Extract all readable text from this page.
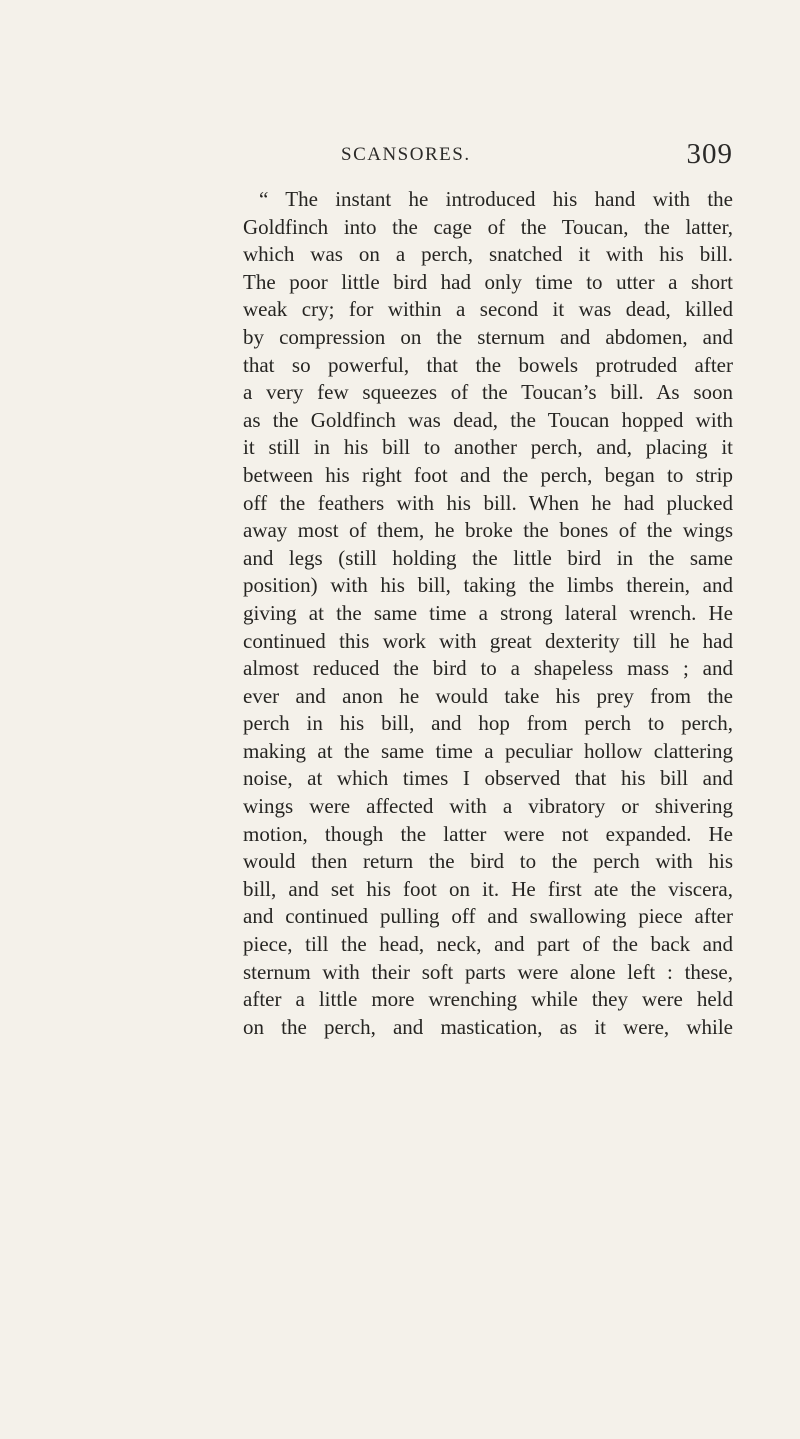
SCANSORES.	309
“ The instant he introduced his hand with the
Goldfinch into the cage of the Toucan, the latter,
which was on a perch, snatched it with his bill.
The poor little bird had only time to utter a short
weak cry; for within a second it was dead, killed
by compression on the sternum and abdomen, and
that so powerful, that the bowels protruded after
a very few squeezes of the Toucan’s bill. As soon
as the Goldfinch was dead, the Toucan hopped with
it still in his bill to another perch, and, placing it
between his right foot and the perch, began to strip
off the feathers with his bill. When he had plucked
away most of them, he broke the bones of the wings
and legs (still holding the little bird in the same
position) with his bill, taking the limbs therein, and
giving at the same time a strong lateral wrench. He
continued this work with great dexterity till he had
almost reduced the bird to a shapeless mass ; and
ever and anon he would take his prey from the
perch in his bill, and hop from perch to perch,
making at the same time a peculiar hollow clattering
noise, at which times I observed that his bill and
wings were affected with a vibratory or shivering
motion, though the latter were not expanded. He
would then return the bird to the perch with his
bill, and set his foot on it. He first ate the viscera,
and continued pulling off and swallowing piece after
piece, till the head, neck, and part of the back and
sternum with their soft parts were alone left : these,
after a little more wrenching while they were held
on the perch, and mastication, as it were, while
